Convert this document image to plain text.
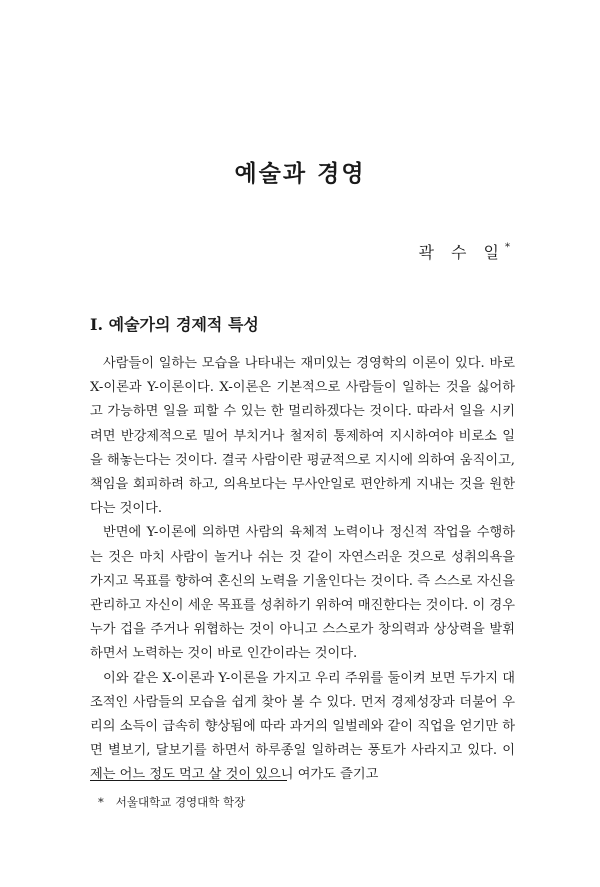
예술과 경영
곽 수 일*
I. 예술가의 경제적 특성

사람들이 일하는 모습을 나타내는 재미있는 경영학의 이론이 있다. 바로 X-이론과 Y-이론이다. X-이론은 기본적으로 사람들이 일하는 것을 싫어하고 가능하면 일을 피할 수 있는 한 멀리하겠다는 것이다. 따라서 일을 시키려면 반강제적으로 밀어 부치거나 철저히 통제하여 지시하여야 비로소 일을 해놓는다는 것이다. 결국 사람이란 평균적으로 지시에 의하여 움직이고, 책임을 회피하려 하고, 의욕보다는 무사안일로 편안하게 지내는 것을 원한다는 것이다.

반면에 Y-이론에 의하면 사람의 육체적 노력이나 정신적 작업을 수행하는 것은 마치 사람이 놀거나 쉬는 것 같이 자연스러운 것으로 성취의욕을 가지고 목표를 향하여 혼신의 노력을 기울인다는 것이다. 즉 스스로 자신을 관리하고 자신이 세운 목표를 성취하기 위하여 매진한다는 것이다. 이 경우 누가 겁을 주거나 위협하는 것이 아니고 스스로가 창의력과 상상력을 발휘하면서 노력하는 것이 바로 인간이라는 것이다.

이와 같은 X-이론과 Y-이론을 가지고 우리 주위를 둘이켜 보면 두가지 대조적인 사람들의 모습을 쉽게 찾아 볼 수 있다. 먼저 경제성장과 더불어 우리의 소득이 급속히 향상됨에 따라 과거의 일벌레와 같이 직업을 얻기만 하면 별보기, 달보기를 하면서 하루종일 일하려는 풍토가 사라지고 있다. 이제는 어느 정도 먹고 살 것이 있으니 여가도 즐기고

* 서울대학교 경영대학 학장
